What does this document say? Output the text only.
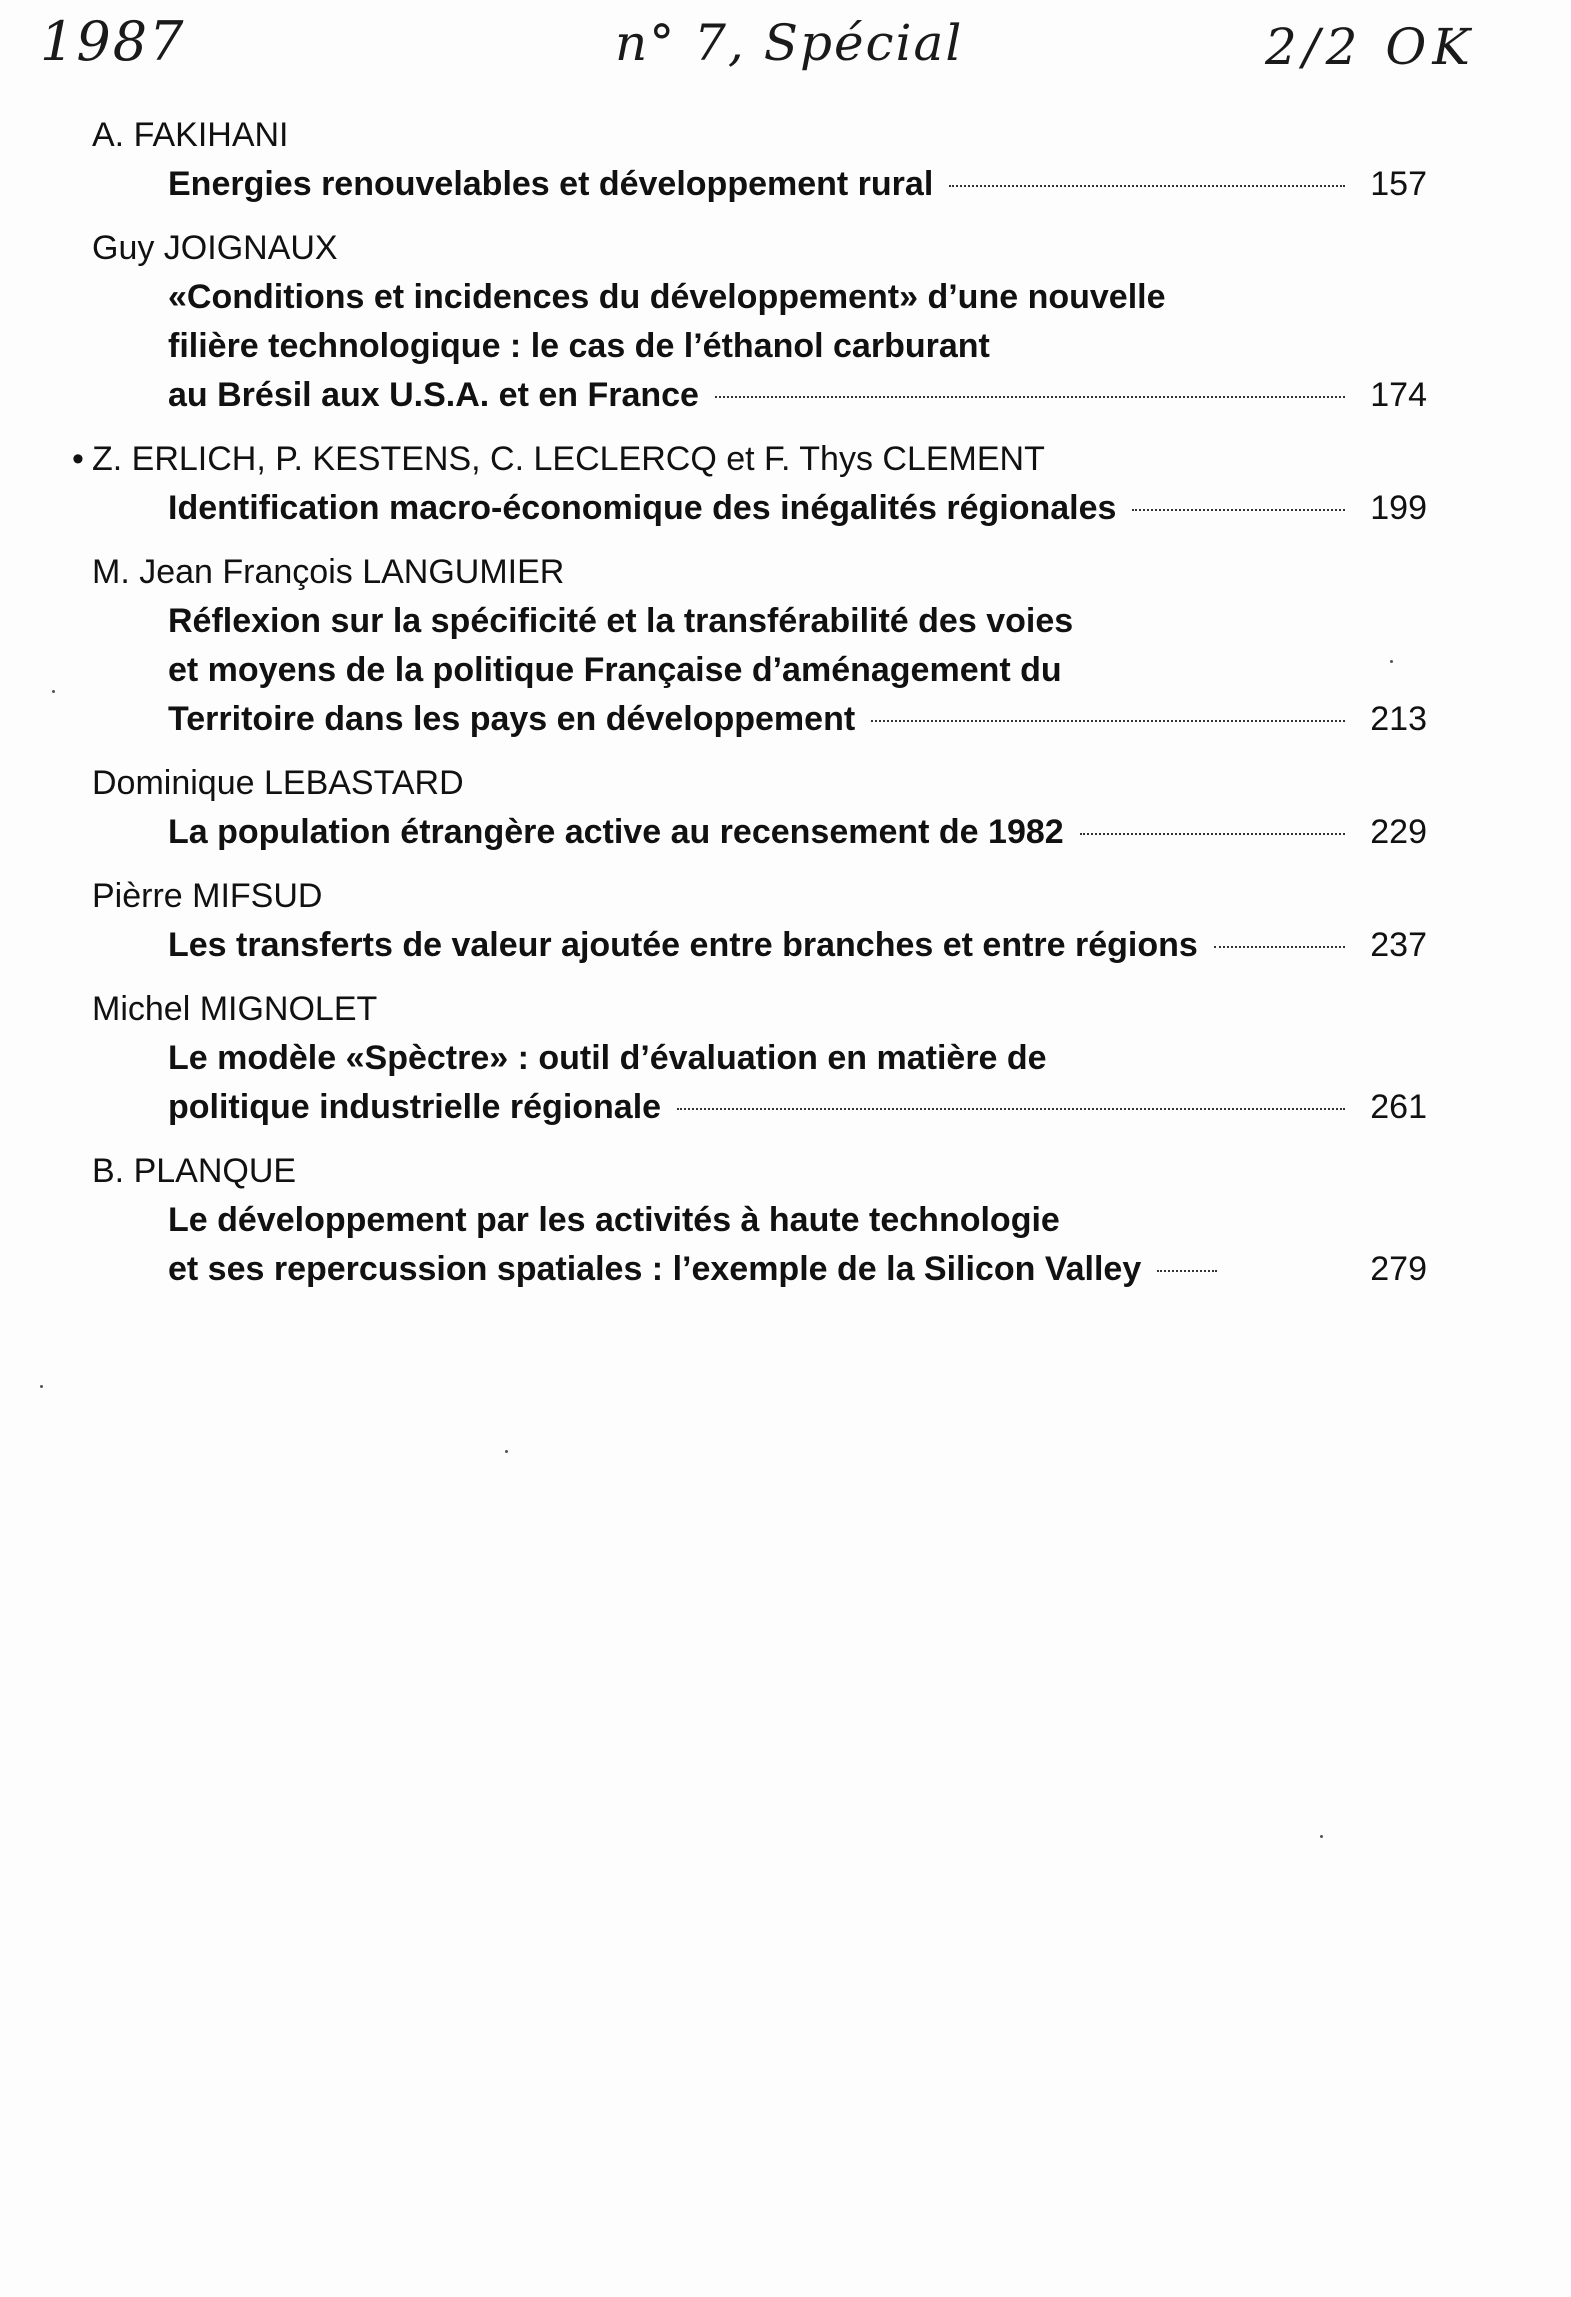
1987	n° 7, Spécial	2/2 OK
A. FAKIHANI
Energies renouvelables et développement rural	157
Guy JOIGNAUX
«Conditions et incidences du développement» d’une nouvelle
filière technologique : le cas de l’éthanol carburant
au Brésil aux U.S.A. et en France	174
• Z. ERLICH, P. KESTENS, C. LECLERCQ et F. Thys CLEMENT
Identification macro-économique des inégalités régionales	199
M. Jean François LANGUMIER
Réflexion sur la spécificité et la transférabilité des voies
et moyens de la politique Française d’aménagement du
Territoire dans les pays en développement	213
Dominique LEBASTARD
La population étrangère active au recensement de 1982	229
Pièrre MIFSUD
Les transferts de valeur ajoutée entre branches et entre régions	237
Michel MIGNOLET
Le modèle «Spèctre» : outil d’évaluation en matière de
politique industrielle régionale	261
B. PLANQUE
Le développement par les activités à haute technologie
et ses repercussion spatiales : l’exemple de la Silicon Valley	279
